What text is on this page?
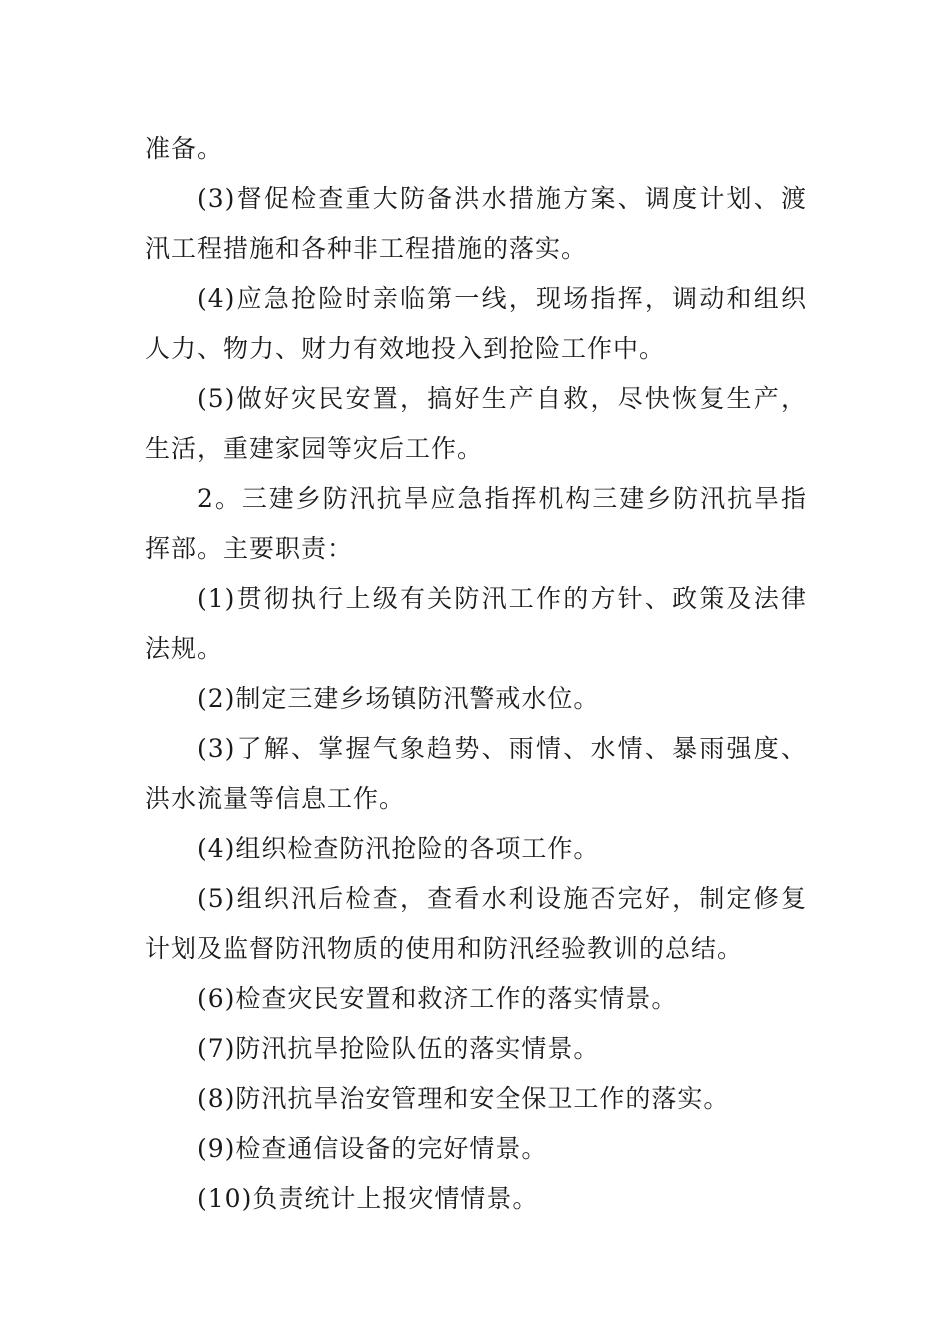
准备。

(3)督促检查重大防备洪水措施方案、调度计划、渡汛工程措施和各种非工程措施的落实。

(4)应急抢险时亲临第一线，现场指挥，调动和组织人力、物力、财力有效地投入到抢险工作中。

(5)做好灾民安置，搞好生产自救，尽快恢复生产，生活，重建家园等灾后工作。

2。三建乡防汛抗旱应急指挥机构三建乡防汛抗旱指挥部。主要职责：

(1)贯彻执行上级有关防汛工作的方针、政策及法律法规。

(2)制定三建乡场镇防汛警戒水位。

(3)了解、掌握气象趋势、雨情、水情、暴雨强度、洪水流量等信息工作。

(4)组织检查防汛抢险的各项工作。

(5)组织汛后检查，查看水利设施否完好，制定修复计划及监督防汛物质的使用和防汛经验教训的总结。

(6)检查灾民安置和救济工作的落实情景。

(7)防汛抗旱抢险队伍的落实情景。

(8)防汛抗旱治安管理和安全保卫工作的落实。

(9)检查通信设备的完好情景。

(10)负责统计上报灾情情景。
